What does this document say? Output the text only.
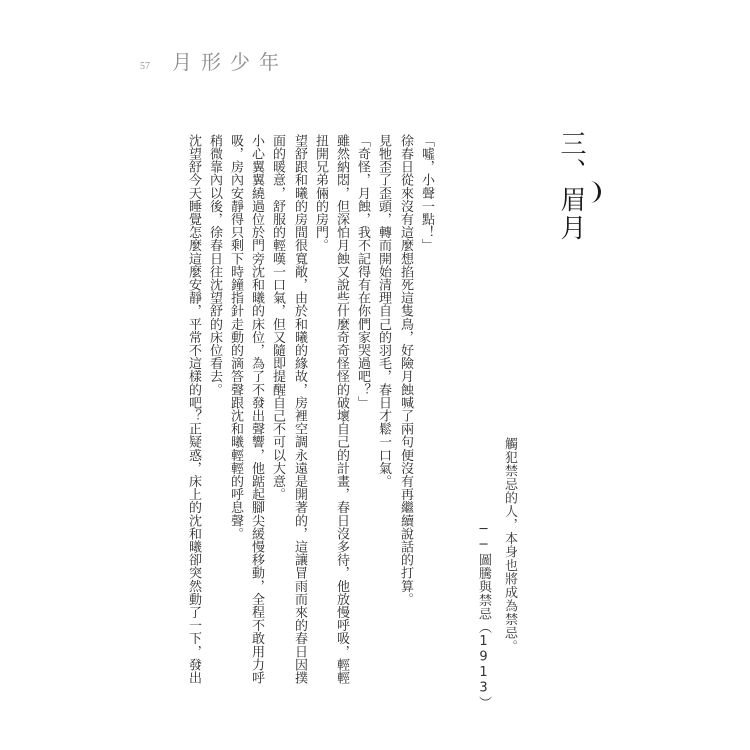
57 月形少年
三、眉月
觸犯禁忌的人，本身也將成為禁忌。
──圖騰與禁忌（1913）
「噓，小聲一點！」
徐春日從來沒有這麼想掐死這隻鳥，好險月蝕喊了兩句便沒有再繼續說話的打算。
見牠歪了歪頭，轉而開始清理自己的羽毛，春日才鬆一口氣。
「奇怪，月蝕，我不記得有在你們家哭過吧？」
雖然納悶，但深怕月蝕又說些什麼奇奇怪怪的破壞自己的計畫，春日沒多待，他放慢呼吸，輕輕
扭開兄弟倆的房門。
望舒跟和曦的房間很寬敞，由於和曦的緣故，房裡空調永遠是開著的，這讓冒雨而來的春日因撲
面的暖意，舒服的輕嘆一口氣，但又隨即提醒自己不可以大意。
小心翼翼繞過位於門旁沈和曦的床位，為了不發出聲響，他踮起腳尖緩慢移動，全程不敢用力呼
吸，房內安靜得只剩下時鐘指針走動的滴答聲跟沈和曦輕輕的呼息聲。
稍微靠內以後，徐春日往沈望舒的床位看去。
沈望舒今天睡覺怎麼這麼安靜，平常不這樣的吧？正疑惑，床上的沈和曦卻突然動了一下，發出
